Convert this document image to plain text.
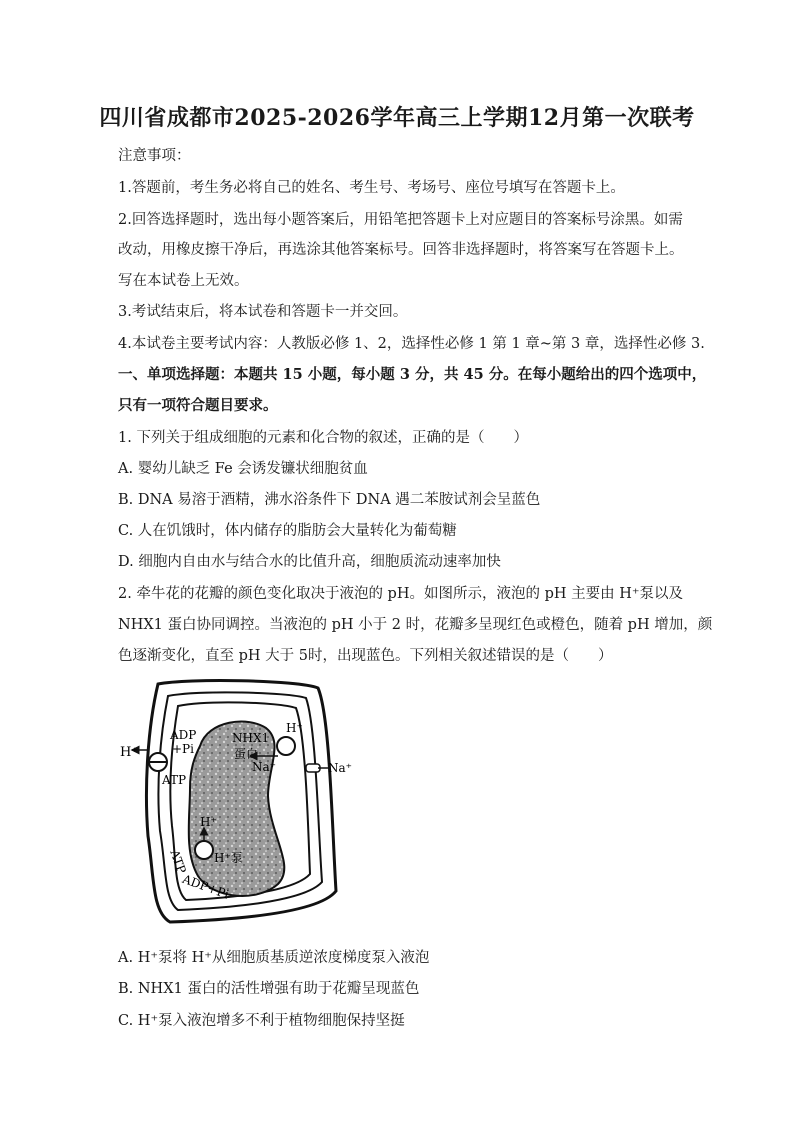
四川省成都市2025-2026学年高三上学期12月第一次联考
注意事项：
1.答题前，考生务必将自己的姓名、考生号、考场号、座位号填写在答题卡上。
2.回答选择题时，选出每小题答案后，用铅笔把答题卡上对应题目的答案标号涂黑。如需
改动，用橡皮擦干净后，再选涂其他答案标号。回答非选择题时，将答案写在答题卡上。
写在本试卷上无效。
3.考试结束后，将本试卷和答题卡一并交回。
4.本试卷主要考试内容：人教版必修 1、2，选择性必修 1 第 1 章~第 3 章，选择性必修 3.
一、单项选择题：本题共 15 小题，每小题 3 分，共 45 分。在每小题给出的四个选项中，
只有一项符合题目要求。
1. 下列关于组成细胞的元素和化合物的叙述，正确的是（　　）
A. 婴幼儿缺乏 Fe 会诱发镰状细胞贫血
B. DNA 易溶于酒精，沸水浴条件下 DNA 遇二苯胺试剂会呈蓝色
C. 人在饥饿时，体内储存的脂肪会大量转化为葡萄糖
D. 细胞内自由水与结合水的比值升高，细胞质流动速率加快
2. 牵牛花的花瓣的颜色变化取决于液泡的 pH。如图所示，液泡的 pH 主要由 H⁺泵以及
NHX1 蛋白协同调控。当液泡的 pH 小于 2 时，花瓣多呈现红色或橙色，随着 pH 增加，颜
色逐渐变化，直至 pH 大于 5时，出现蓝色。下列相关叙述错误的是（　　）
H⁺
ADP
+Pi
ATP
NHX1
蛋白
H⁺
Na⁺	Na⁺
H⁺
H⁺泵
ATP
ADP+Pi
A. H⁺泵将 H⁺从细胞质基质逆浓度梯度泵入液泡
B. NHX1 蛋白的活性增强有助于花瓣呈现蓝色
C. H⁺泵入液泡增多不利于植物细胞保持坚挺
